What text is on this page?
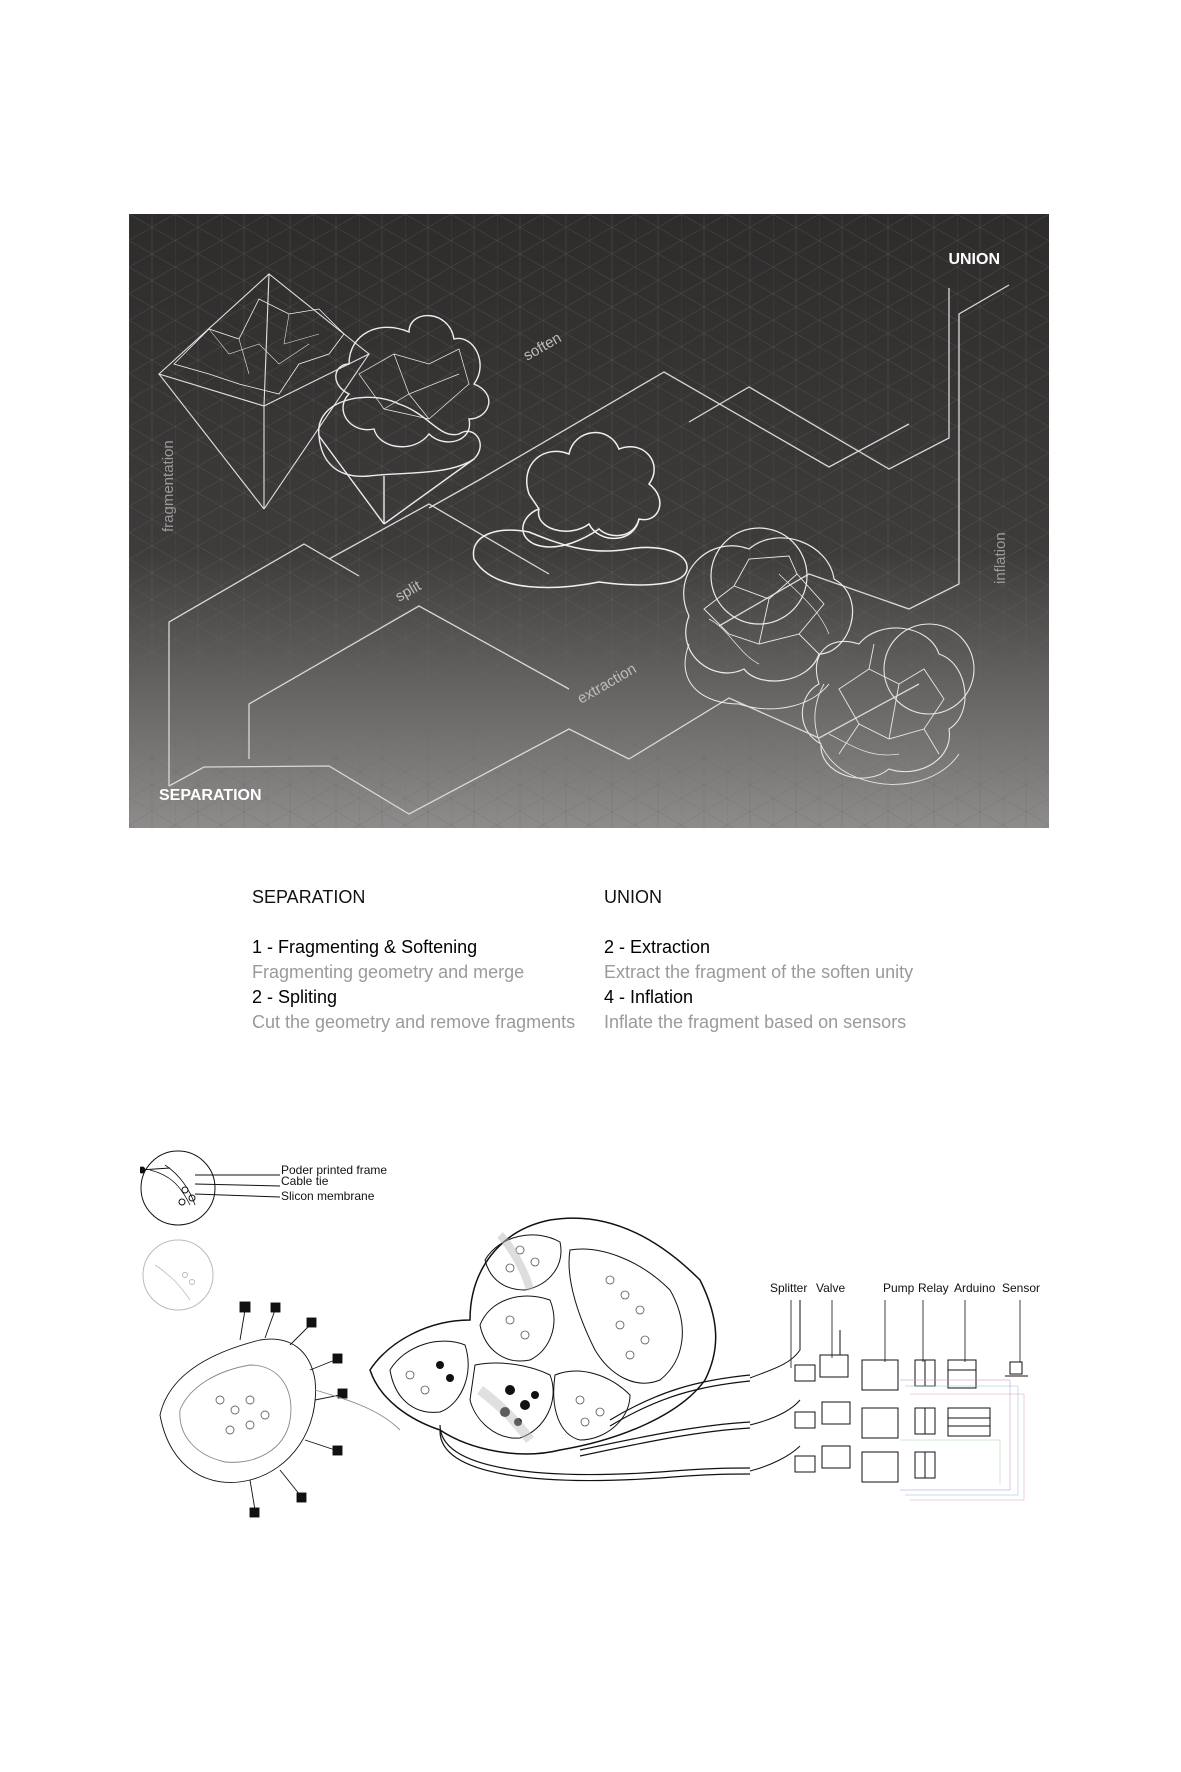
UNION
SEPARATION
soften
fragmentation
split
extraction
inflation
SEPARATION
1 - Fragmenting & Softening
Fragmenting geometry and merge
2 - Spliting
Cut the geometry and remove fragments
UNION
2 - Extraction
Extract the fragment of the soften unity
4 - Inflation
Inflate the fragment based on sensors
Poder printed frame
Cable tie
Slicon membrane
Splitter Valve	Pump Relay Arduino Sensor
